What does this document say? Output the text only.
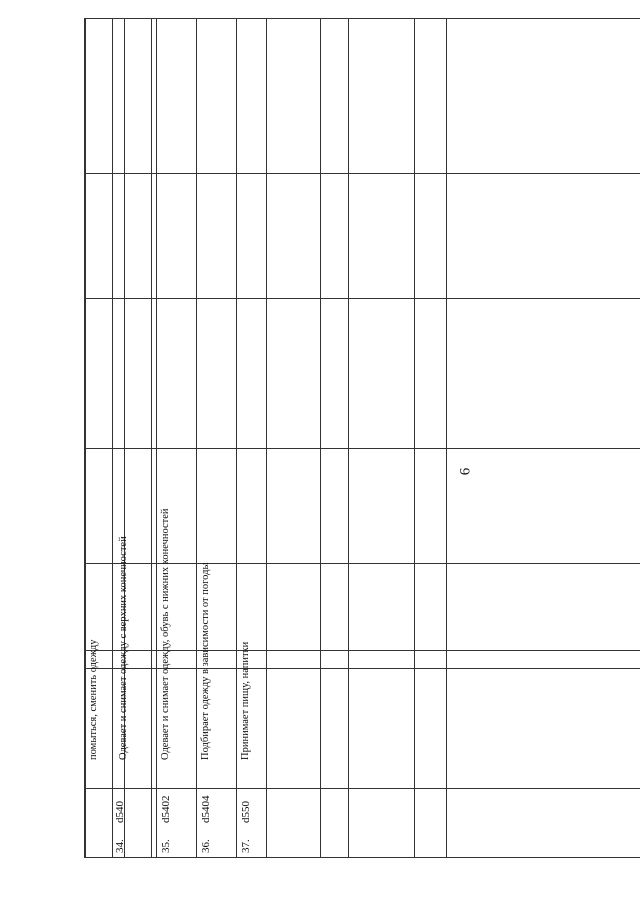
6
помыться, сменить одежду
34.
d540
Одевает и снимает одежду с верхних конечностей
35.
d5402
Одевает и снимает одежду, обувь с нижних конечностей
36.
d5404
Подбирает одежду в зависимости от погоды
37.
d550
Принимает пищу, напитки
